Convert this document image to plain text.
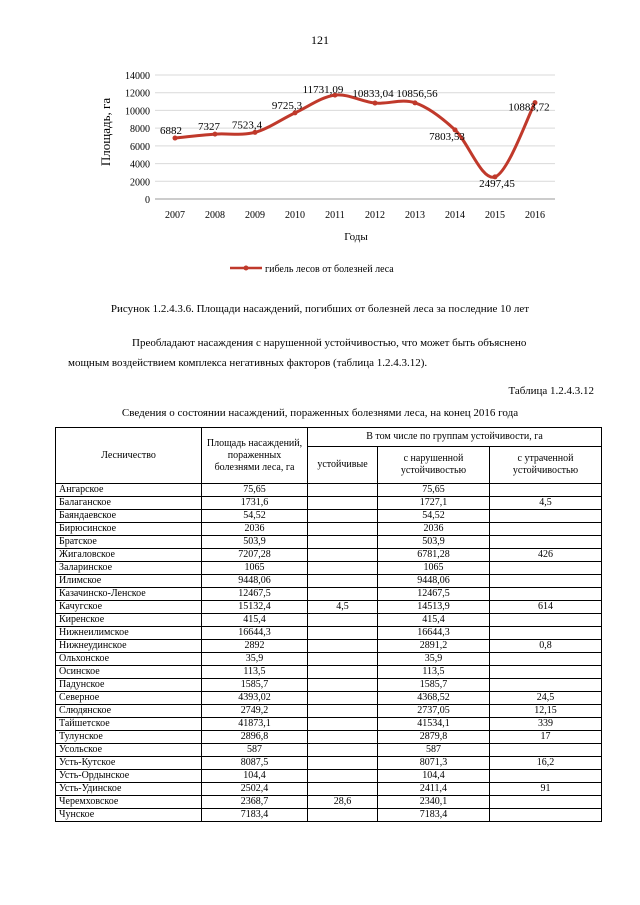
121
0
2000
4000
6000
8000
10000
12000
14000
2007 2008 2009 2010 2011 2012 2013 2014 2015 2016
6882 7327 7523,4
9725,3
11731,09 10833,04 10856,56
7803,53
2497,45
10883,72
Площадь, га
Годы
гибель лесов от болезней леса
Рисунок 1.2.4.3.6. Площади насаждений, погибших от болезней леса за последние 10 лет
Преобладают насаждения с нарушенной устойчивостью, что может быть объяснено
мощным воздействием комплекса негативных факторов (таблица 1.2.4.3.12).
Таблица 1.2.4.3.12
Сведения о состоянии насаждений, пораженных болезнями леса, на конец 2016 года
Лесничество	Площадь насаждений, пораженных болезнями леса, га	В том числе по группам устойчивости, га		
		устойчивые	с нарушенной устойчивостью	с утраченной устойчивостью
Ангарское	75,65		75,65	
Балаганское	1731,6		1727,1	4,5
Баяндаевское	54,52		54,52	
Бирюсинское	2036		2036	
Братское	503,9		503,9	
Жигаловское	7207,28		6781,28	426
Заларинское	1065		1065	
Илимское	9448,06		9448,06	
Казачинско-Ленское	12467,5		12467,5	
Качугское	15132,4	4,5	14513,9	614
Киренское	415,4		415,4	
Нижнеилимское	16644,3		16644,3	
Нижнеудинское	2892		2891,2	0,8
Ольхонское	35,9		35,9	
Осинское	113,5		113,5	
Падунское	1585,7		1585,7	
Северное	4393,02		4368,52	24,5
Слюдянское	2749,2		2737,05	12,15
Тайшетское	41873,1		41534,1	339
Тулунское	2896,8		2879,8	17
Усольское	587		587	
Усть-Кутское	8087,5		8071,3	16,2
Усть-Ордынское	104,4		104,4	
Усть-Удинское	2502,4		2411,4	91
Черемховское	2368,7	28,6	2340,1	
Чунское	7183,4		7183,4	
